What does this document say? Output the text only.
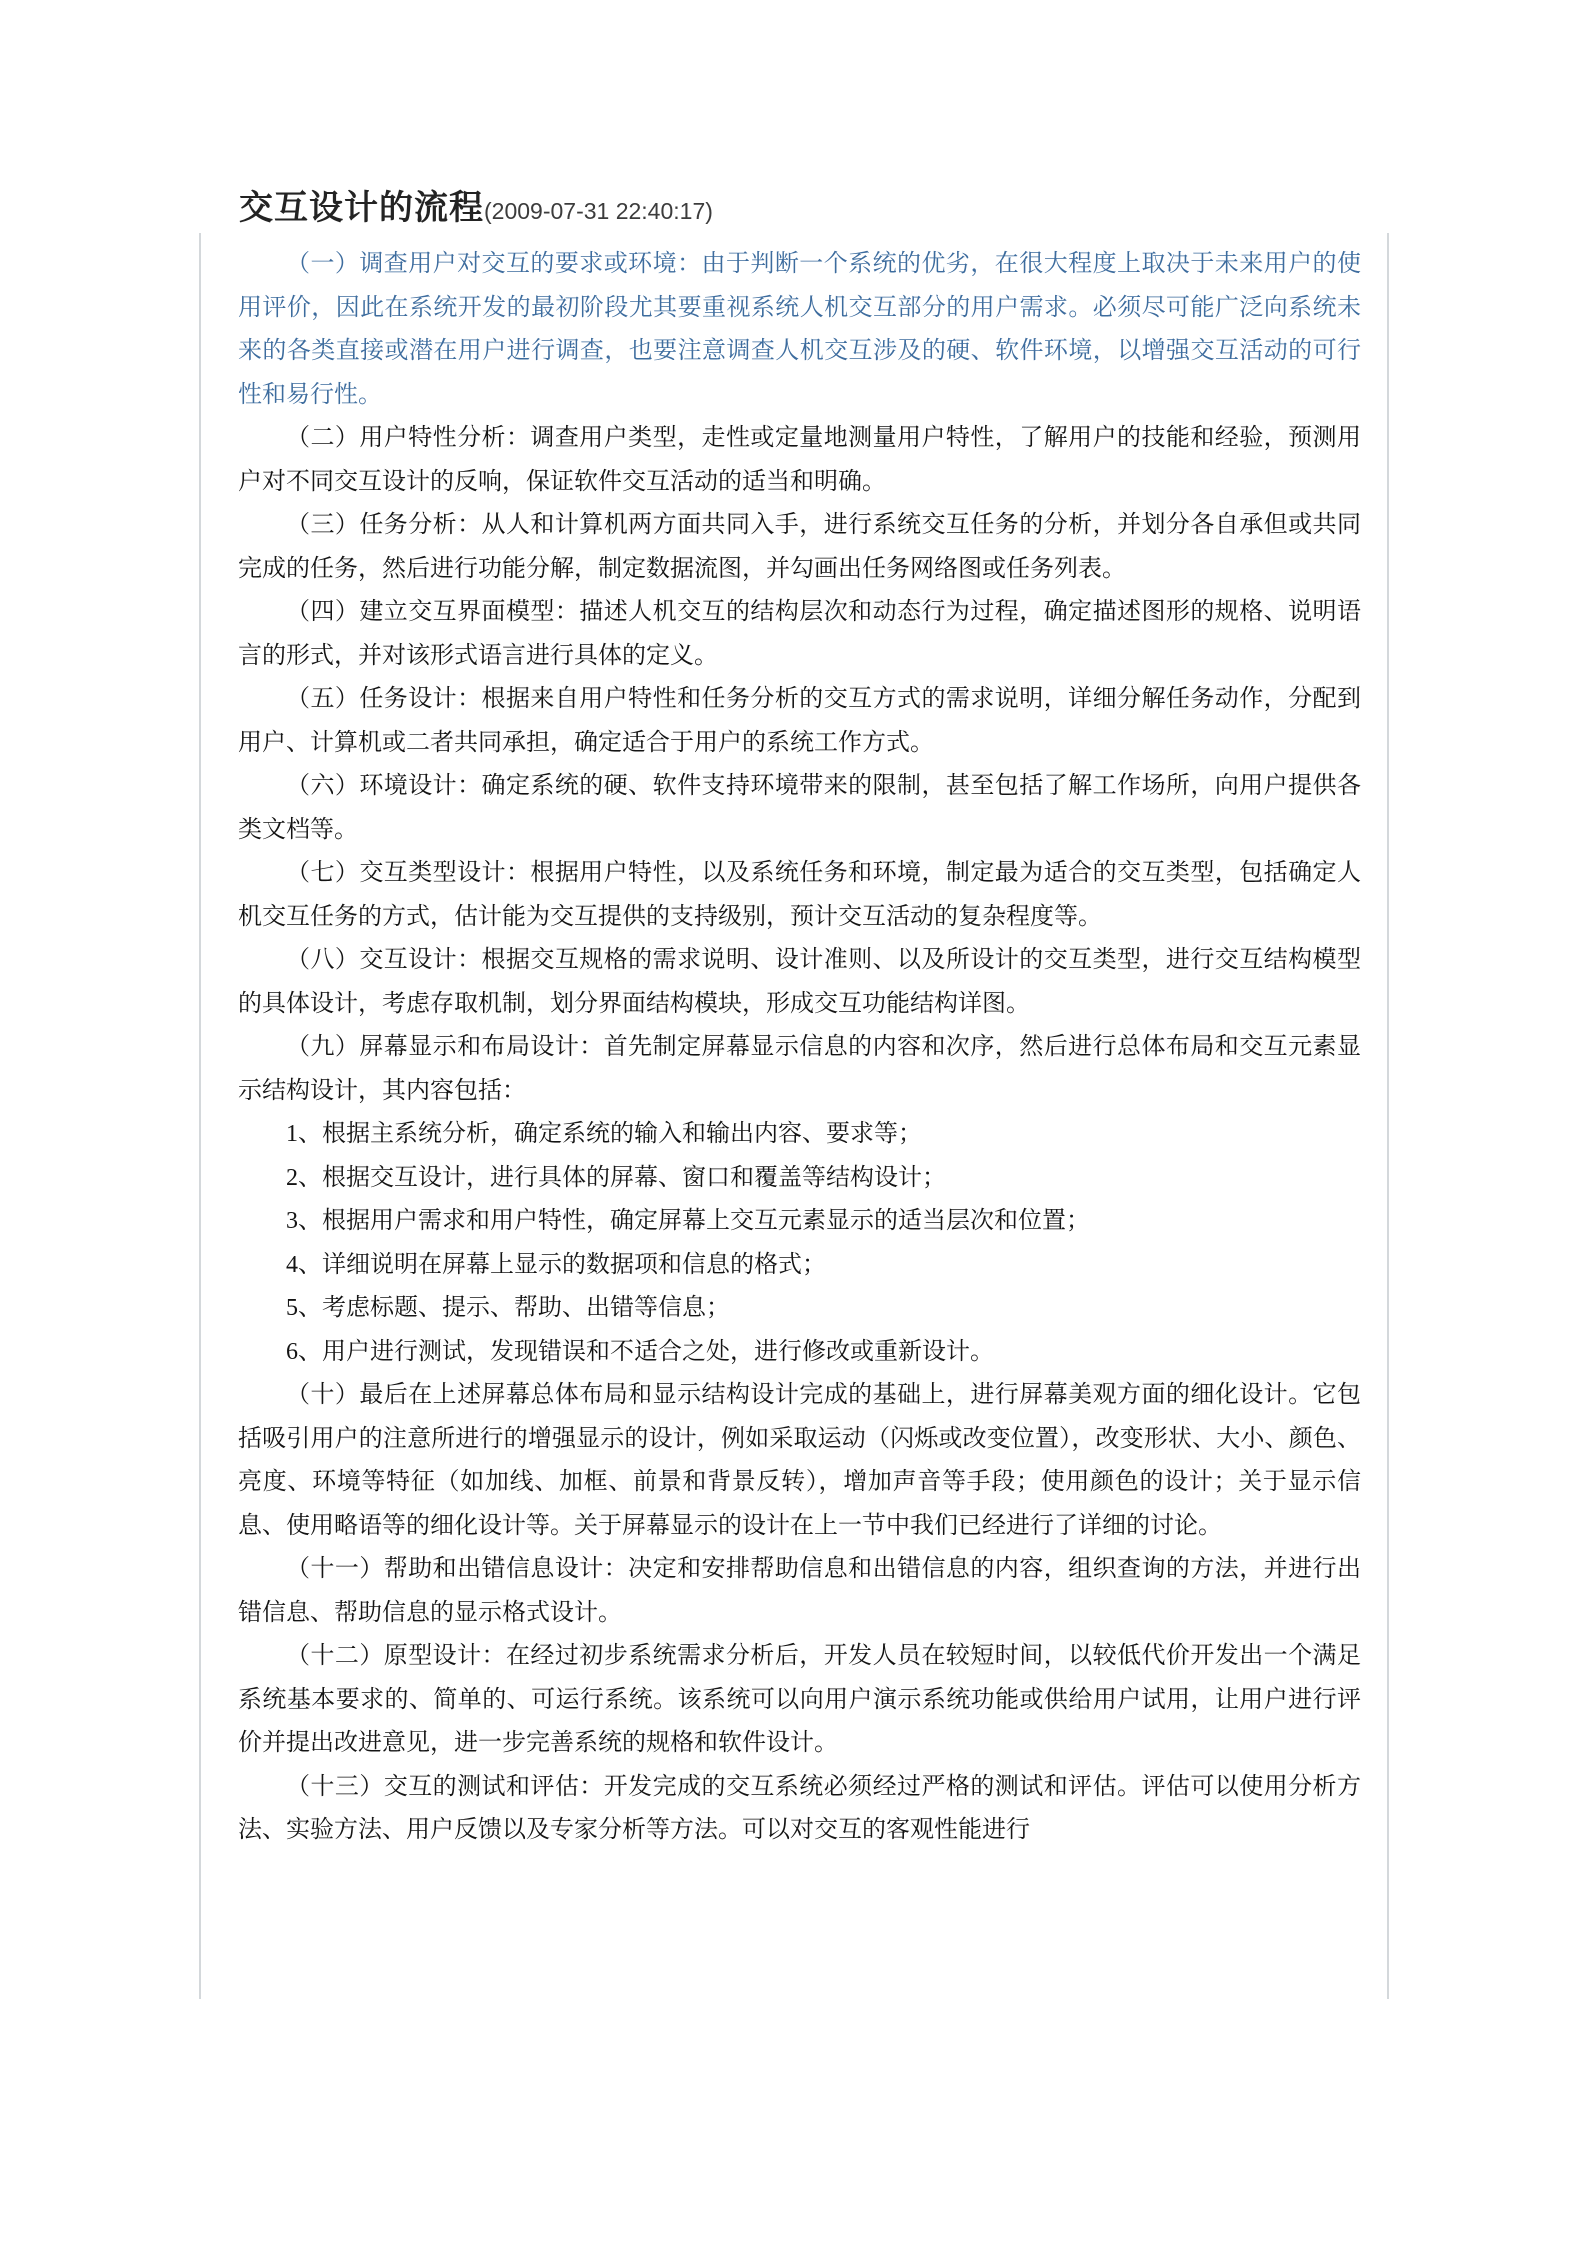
交互设计的流程(2009-07-31 22:40:17)

（一）调查用户对交互的要求或环境：由于判断一个系统的优劣，在很大程度上取决于未来用户的使用评价，因此在系统开发的最初阶段尤其要重视系统人机交互部分的用户需求。必须尽可能广泛向系统未来的各类直接或潜在用户进行调查，也要注意调查人机交互涉及的硬、软件环境，以增强交互活动的可行性和易行性。

（二）用户特性分析：调查用户类型，走性或定量地测量用户特性，了解用户的技能和经验，预测用户对不同交互设计的反响，保证软件交互活动的适当和明确。

（三）任务分析：从人和计算机两方面共同入手，进行系统交互任务的分析，并划分各自承但或共同完成的任务，然后进行功能分解，制定数据流图，并勾画出任务网络图或任务列表。

（四）建立交互界面模型：描述人机交互的结构层次和动态行为过程，确定描述图形的规格、说明语言的形式，并对该形式语言进行具体的定义。

（五）任务设计：根据来自用户特性和任务分析的交互方式的需求说明，详细分解任务动作，分配到用户、计算机或二者共同承担，确定适合于用户的系统工作方式。

（六）环境设计：确定系统的硬、软件支持环境带来的限制，甚至包括了解工作场所，向用户提供各类文档等。

（七）交互类型设计：根据用户特性，以及系统任务和环境，制定最为适合的交互类型，包括确定人机交互任务的方式，估计能为交互提供的支持级别，预计交互活动的复杂程度等。

（八）交互设计：根据交互规格的需求说明、设计准则、以及所设计的交互类型，进行交互结构模型的具体设计，考虑存取机制，划分界面结构模块，形成交互功能结构详图。

（九）屏幕显示和布局设计：首先制定屏幕显示信息的内容和次序，然后进行总体布局和交互元素显示结构设计，其内容包括：

1、根据主系统分析，确定系统的输入和输出内容、要求等；

2、根据交互设计，进行具体的屏幕、窗口和覆盖等结构设计；

3、根据用户需求和用户特性，确定屏幕上交互元素显示的适当层次和位置；

4、详细说明在屏幕上显示的数据项和信息的格式；

5、考虑标题、提示、帮助、出错等信息；

6、用户进行测试，发现错误和不适合之处，进行修改或重新设计。

（十）最后在上述屏幕总体布局和显示结构设计完成的基础上，进行屏幕美观方面的细化设计。它包括吸引用户的注意所进行的增强显示的设计，例如采取运动（闪烁或改变位置），改变形状、大小、颜色、亮度、环境等特征（如加线、加框、前景和背景反转），增加声音等手段；使用颜色的设计；关于显示信息、使用略语等的细化设计等。关于屏幕显示的设计在上一节中我们已经进行了详细的讨论。

（十一）帮助和出错信息设计：决定和安排帮助信息和出错信息的内容，组织查询的方法，并进行出错信息、帮助信息的显示格式设计。

（十二）原型设计：在经过初步系统需求分析后，开发人员在较短时间，以较低代价开发出一个满足系统基本要求的、简单的、可运行系统。该系统可以向用户演示系统功能或供给用户试用，让用户进行评价并提出改进意见，进一步完善系统的规格和软件设计。

（十三）交互的测试和评估：开发完成的交互系统必须经过严格的测试和评估。评估可以使用分析方法、实验方法、用户反馈以及专家分析等方法。可以对交互的客观性能进行
